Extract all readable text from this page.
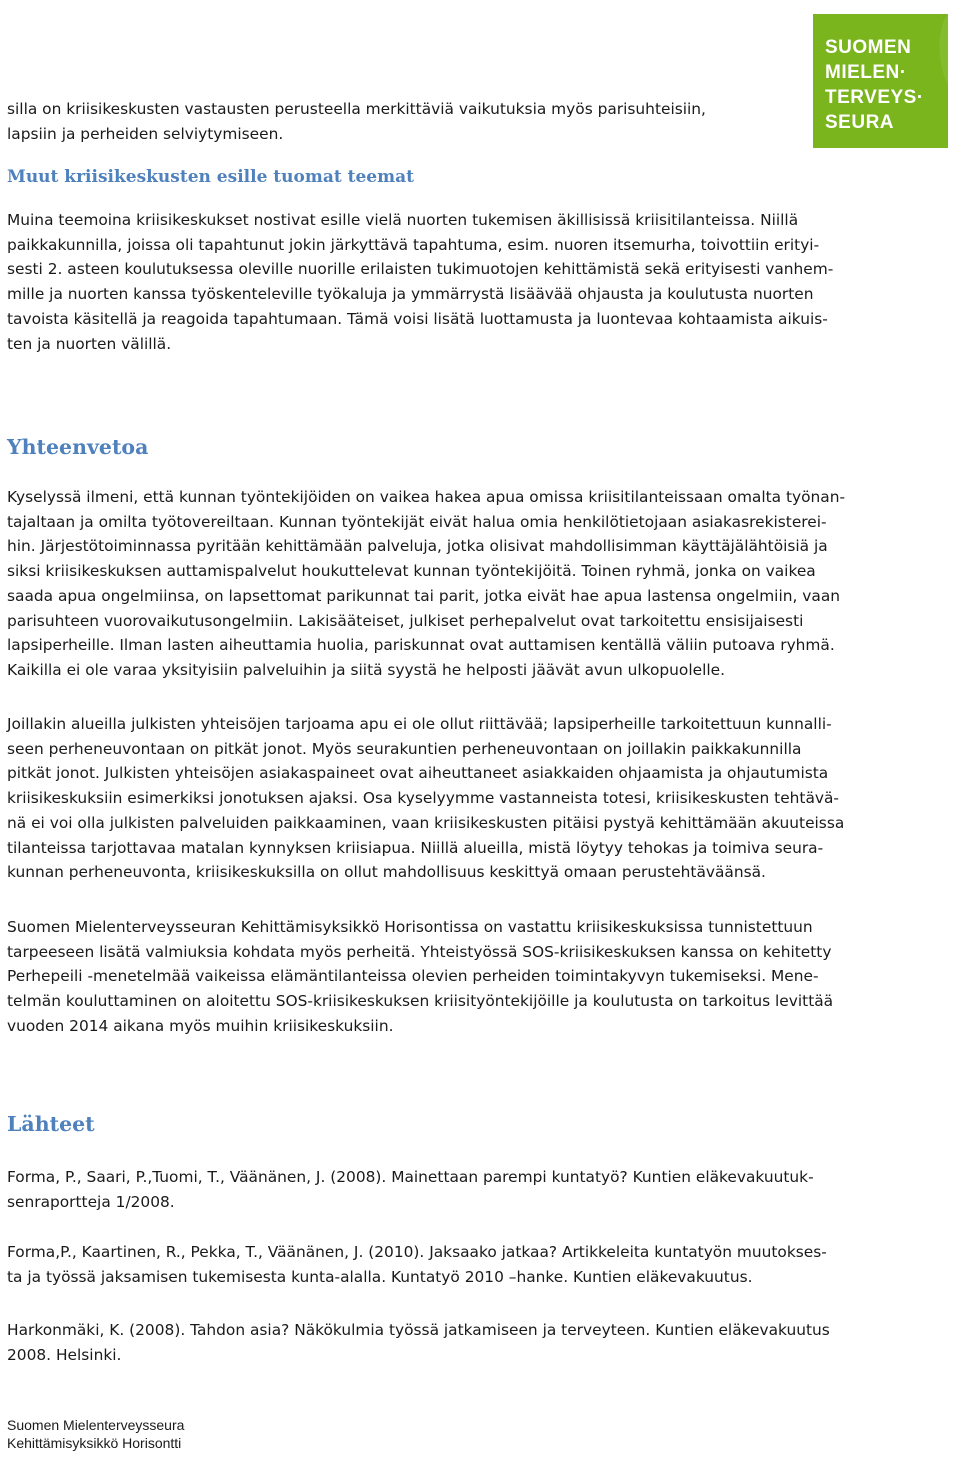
SUOMEN
MIELEN·
TERVEYS·
SEURA

silla on kriisikeskusten vastausten perusteella merkittäviä vaikutuksia myös parisuhteisiin,
lapsiin ja perheiden selviytymiseen.

Muut kriisikeskusten esille tuomat teemat

Muina teemoina kriisikeskukset nostivat esille vielä nuorten tukemisen äkillisissä kriisitilanteissa. Niillä
paikkakunnilla, joissa oli tapahtunut jokin järkyttävä tapahtuma, esim. nuoren itsemurha, toivottiin erityi-
sesti 2. asteen koulutuksessa oleville nuorille erilaisten tukimuotojen kehittämistä sekä erityisesti vanhem-
mille ja nuorten kanssa työskenteleville työkaluja ja ymmärrystä lisäävää ohjausta ja koulutusta nuorten
tavoista käsitellä ja reagoida tapahtumaan. Tämä voisi lisätä luottamusta ja luontevaa kohtaamista aikuis-
ten ja nuorten välillä.

Yhteenvetoa

Kyselyssä ilmeni, että kunnan työntekijöiden on vaikea hakea apua omissa kriisitilanteissaan omalta työnan-
tajaltaan ja omilta työtovereiltaan. Kunnan työntekijät eivät halua omia henkilötietojaan asiakasrekisterei-
hin. Järjestötoiminnassa pyritään kehittämään palveluja, jotka olisivat mahdollisimman käyttäjälähtöisiä ja
siksi kriisikeskuksen auttamispalvelut houkuttelevat kunnan työntekijöitä. Toinen ryhmä, jonka on vaikea
saada apua ongelmiinsa, on lapsettomat parikunnat tai parit, jotka eivät hae apua lastensa ongelmiin, vaan
parisuhteen vuorovaikutusongelmiin. Lakisääteiset, julkiset perhepalvelut ovat tarkoitettu ensisijaisesti
lapsiperheille. Ilman lasten aiheuttamia huolia, pariskunnat ovat auttamisen kentällä väliin putoava ryhmä.
Kaikilla ei ole varaa yksityisiin palveluihin ja siitä syystä he helposti jäävät avun ulkopuolelle.

Joillakin alueilla julkisten yhteisöjen tarjoama apu ei ole ollut riittävää; lapsiperheille tarkoitettuun kunnalli-
seen perheneuvontaan on pitkät jonot. Myös seurakuntien perheneuvontaan on joillakin paikkakunnilla
pitkät jonot. Julkisten yhteisöjen asiakaspaineet ovat aiheuttaneet asiakkaiden ohjaamista ja ohjautumista
kriisikeskuksiin esimerkiksi jonotuksen ajaksi. Osa kyselyymme vastanneista totesi, kriisikeskusten tehtävä-
nä ei voi olla julkisten palveluiden paikkaaminen, vaan kriisikeskusten pitäisi pystyä kehittämään akuuteissa
tilanteissa tarjottavaa matalan kynnyksen kriisiapua. Niillä alueilla, mistä löytyy tehokas ja toimiva seura-
kunnan perheneuvonta, kriisikeskuksilla on ollut mahdollisuus keskittyä omaan perustehtäväänsä.

Suomen Mielenterveysseuran Kehittämisyksikkö Horisontissa on vastattu kriisikeskuksissa tunnistettuun
tarpeeseen lisätä valmiuksia kohdata myös perheitä. Yhteistyössä SOS-kriisikeskuksen kanssa on kehitetty
Perhepeili -menetelmää vaikeissa elämäntilanteissa olevien perheiden toimintakyvyn tukemiseksi. Mene-
telmän kouluttaminen on aloitettu SOS-kriisikeskuksen kriisityöntekijöille ja koulutusta on tarkoitus levittää
vuoden 2014 aikana myös muihin kriisikeskuksiin.

Lähteet

Forma, P., Saari, P.,Tuomi, T., Väänänen, J. (2008). Mainettaan parempi kuntatyö? Kuntien eläkevakuutuk-
senraportteja 1/2008.

Forma,P., Kaartinen, R., Pekka, T., Väänänen, J. (2010). Jaksaako jatkaa? Artikkeleita kuntatyön muutokses-
ta ja työssä jaksamisen tukemisesta kunta-alalla. Kuntatyö 2010 –hanke. Kuntien eläkevakuutus.

Harkonmäki, K. (2008). Tahdon asia? Näkökulmia työssä jatkamiseen ja terveyteen. Kuntien eläkevakuutus
2008. Helsinki.

Suomen Mielenterveysseura
Kehittämisyksikkö Horisontti
